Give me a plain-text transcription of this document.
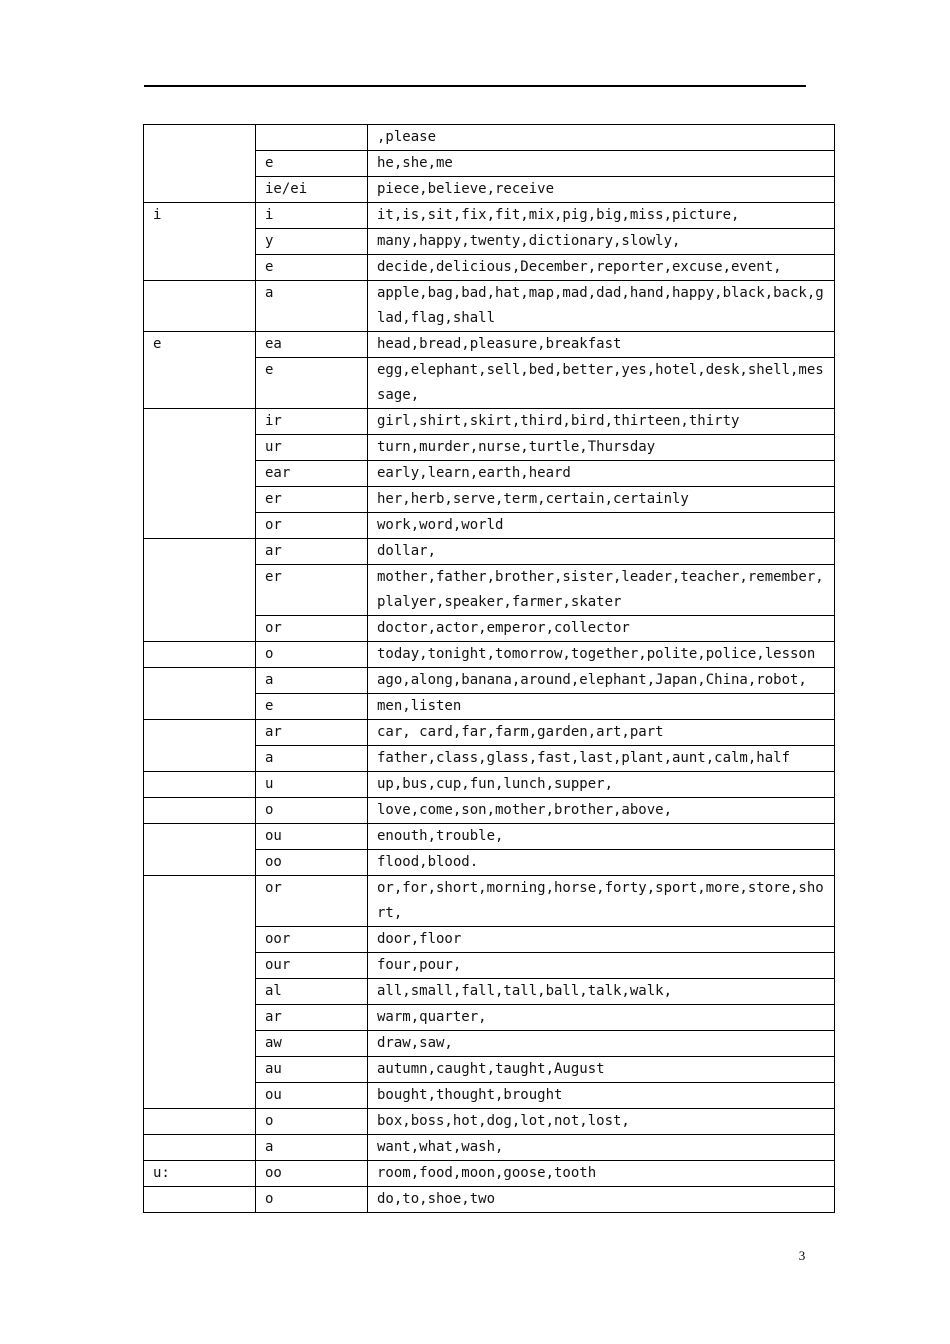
		,please
	e	he,she,me
	ie/ei	piece,believe,receive
i	i	it,is,sit,fix,fit,mix,pig,big,miss,picture,
	y	many,happy,twenty,dictionary,slowly,
	e	decide,delicious,December,reporter,excuse,event,
	a	apple,bag,bad,hat,map,mad,dad,hand,happy,black,back,glad,flag,shall
e	ea	head,bread,pleasure,breakfast
	e	egg,elephant,sell,bed,better,yes,hotel,desk,shell,message,
	ir	girl,shirt,skirt,third,bird,thirteen,thirty
	ur	turn,murder,nurse,turtle,Thursday
	ear	early,learn,earth,heard
	er	her,herb,serve,term,certain,certainly
	or	work,word,world
	ar	dollar,
	er	mother,father,brother,sister,leader,teacher,remember,plalyer,speaker,farmer,skater
	or	doctor,actor,emperor,collector
	o	today,tonight,tomorrow,together,polite,police,lesson
	a	ago,along,banana,around,elephant,Japan,China,robot,
	e	men,listen
	ar	car, card,far,farm,garden,art,part
	a	father,class,glass,fast,last,plant,aunt,calm,half
	u	up,bus,cup,fun,lunch,supper,
	o	love,come,son,mother,brother,above,
	ou	enouth,trouble,
	oo	flood,blood.
	or	or,for,short,morning,horse,forty,sport,more,store,short,
	oor	door,floor
	our	four,pour,
	al	all,small,fall,tall,ball,talk,walk,
	ar	warm,quarter,
	aw	draw,saw,
	au	autumn,caught,taught,August
	ou	bought,thought,brought
	o	box,boss,hot,dog,lot,not,lost,
	a	want,what,wash,
u:	oo	room,food,moon,goose,tooth
	o	do,to,shoe,two
3
